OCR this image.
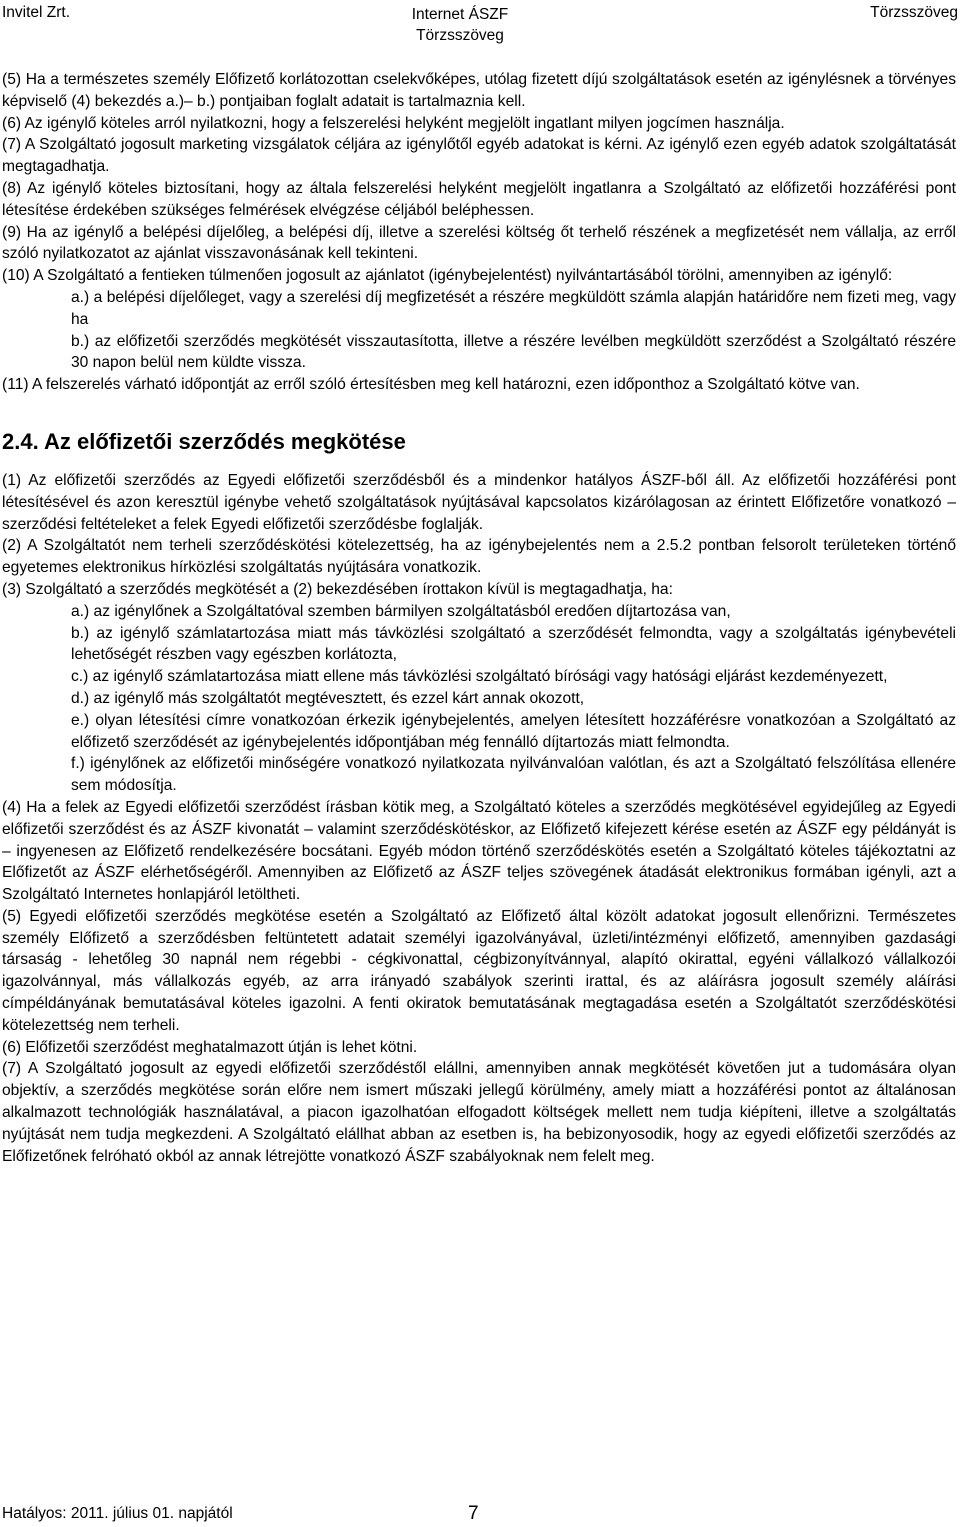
Invitel Zrt.	Internet ÁSZF
Törzsszöveg
Törzsszöveg

(5) Ha a természetes személy Előfizető korlátozottan cselekvőképes, utólag fizetett díjú szolgáltatások esetén az igénylésnek a törvényes képviselő (4) bekezdés a.)– b.) pontjaiban foglalt adatait is tartalmaznia kell.

(6) Az igénylő köteles arról nyilatkozni, hogy a felszerelési helyként megjelölt ingatlant milyen jogcímen használja.

(7) A Szolgáltató jogosult marketing vizsgálatok céljára az igénylőtől egyéb adatokat is kérni. Az igénylő ezen egyéb adatok szolgáltatását megtagadhatja.

(8) Az igénylő köteles biztosítani, hogy az általa felszerelési helyként megjelölt ingatlanra a Szolgáltató az előfizetői hozzáférési pont létesítése érdekében szükséges felmérések elvégzése céljából beléphessen.

(9) Ha az igénylő a belépési díjelőleg, a belépési díj, illetve a szerelési költség őt terhelő részének a megfizetését nem vállalja, az erről szóló nyilatkozatot az ajánlat visszavonásának kell tekinteni.

(10) A Szolgáltató a fentieken túlmenően jogosult az ajánlatot (igénybejelentést) nyilvántartásából törölni, amennyiben az igénylő:

a.) a belépési díjelőleget, vagy a szerelési díj megfizetését a részére megküldött számla alapján határidőre nem fizeti meg, vagy ha

b.) az előfizetői szerződés megkötését visszautasította, illetve a részére levélben megküldött szerződést a Szolgáltató részére 30 napon belül nem küldte vissza.

(11) A felszerelés várható időpontját az erről szóló értesítésben meg kell határozni, ezen időponthoz a Szolgáltató kötve van.

2.4. Az előfizetői szerződés megkötése

(1) Az előfizetői szerződés az Egyedi előfizetői szerződésből és a mindenkor hatályos ÁSZF-ből áll. Az előfizetői hozzáférési pont létesítésével és azon keresztül igénybe vehető szolgáltatások nyújtásával kapcsolatos kizárólagosan az érintett Előfizetőre vonatkozó – szerződési feltételeket a felek Egyedi előfizetői szerződésbe foglalják.

(2) A Szolgáltatót nem terheli szerződéskötési kötelezettség, ha az igénybejelentés nem a 2.5.2 pontban felsorolt területeken történő egyetemes elektronikus hírközlési szolgáltatás nyújtására vonatkozik.

(3) Szolgáltató a szerződés megkötését a (2) bekezdésében írottakon kívül is megtagadhatja, ha:

a.) az igénylőnek a Szolgáltatóval szemben bármilyen szolgáltatásból eredően díjtartozása van,

b.) az igénylő számlatartozása miatt más távközlési szolgáltató a szerződését felmondta, vagy a szolgáltatás igénybevételi lehetőségét részben vagy egészben korlátozta,

c.) az igénylő számlatartozása miatt ellene más távközlési szolgáltató bírósági vagy hatósági eljárást kezdeményezett,

d.) az igénylő más szolgáltatót megtévesztett, és ezzel kárt annak okozott,

e.) olyan létesítési címre vonatkozóan érkezik igénybejelentés, amelyen létesített hozzáférésre vonatkozóan a Szolgáltató az előfizető szerződését az igénybejelentés időpontjában még fennálló díjtartozás miatt felmondta.

f.) igénylőnek az előfizetői minőségére vonatkozó nyilatkozata nyilvánvalóan valótlan, és azt a Szolgáltató felszólítása ellenére sem módosítja.

(4) Ha a felek az Egyedi előfizetői szerződést írásban kötik meg, a Szolgáltató köteles a szerződés megkötésével egyidejűleg az Egyedi előfizetői szerződést és az ÁSZF kivonatát – valamint szerződéskötéskor, az Előfizető kifejezett kérése esetén az ÁSZF egy példányát is – ingyenesen az Előfizető rendelkezésére bocsátani. Egyéb módon történő szerződéskötés esetén a Szolgáltató köteles tájékoztatni az Előfizetőt az ÁSZF elérhetőségéről. Amennyiben az Előfizető az ÁSZF teljes szövegének átadását elektronikus formában igényli, azt a Szolgáltató Internetes honlapjáról letöltheti.

(5) Egyedi előfizetői szerződés megkötése esetén a Szolgáltató az Előfizető által közölt adatokat jogosult ellenőrizni. Természetes személy Előfizető a szerződésben feltüntetett adatait személyi igazolványával, üzleti/intézményi előfizető, amennyiben gazdasági társaság - lehetőleg 30 napnál nem régebbi - cégkivonattal, cégbizonyítvánnyal, alapító okirattal, egyéni vállalkozó vállalkozói igazolvánnyal, más vállalkozás egyéb, az arra irányadó szabályok szerinti irattal, és az aláírásra jogosult személy aláírási címpéldányának bemutatásával köteles igazolni. A fenti okiratok bemutatásának megtagadása esetén a Szolgáltatót szerződéskötési kötelezettség nem terheli.

(6) Előfizetői szerződést meghatalmazott útján is lehet kötni.

(7) A Szolgáltató jogosult az egyedi előfizetői szerződéstől elállni, amennyiben annak megkötését követően jut a tudomására olyan objektív, a szerződés megkötése során előre nem ismert műszaki jellegű körülmény, amely miatt a hozzáférési pontot az általánosan alkalmazott technológiák használatával, a piacon igazolhatóan elfogadott költségek mellett nem tudja kiépíteni, illetve a szolgáltatás nyújtását nem tudja megkezdeni. A Szolgáltató elállhat abban az esetben is, ha bebizonyosodik, hogy az egyedi előfizetői szerződés az Előfizetőnek felróható okból az annak létrejötte vonatkozó ÁSZF szabályoknak nem felelt meg.

Hatályos: 2011. július 01. napjától	7
